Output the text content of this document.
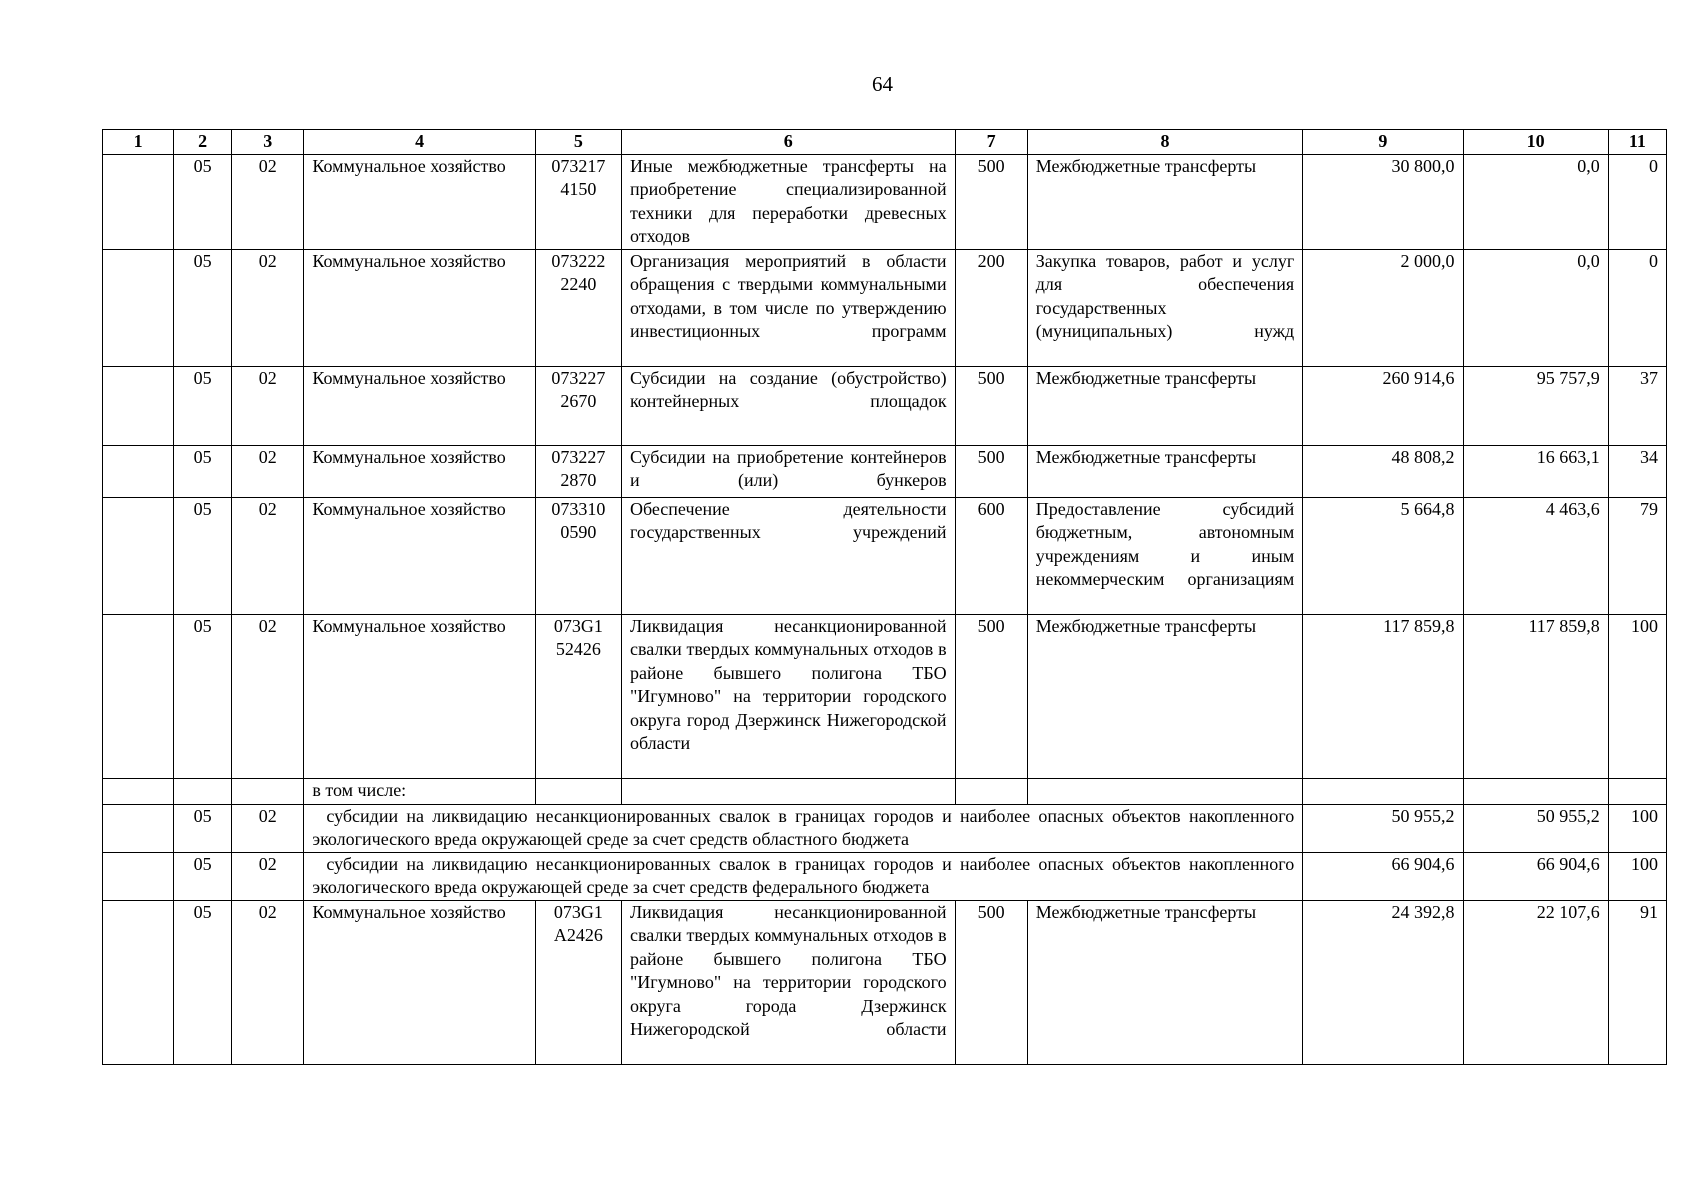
64
1	2	3	4	5	6	7	8	9	10	11
	05	02	Коммунальное хозяйство	073217 4150	Иные межбюджетные трансферты на приобретение специализированной техники для переработки древесных отходов	500	Межбюджетные трансферты	30 800,0	0,0	0
	05	02	Коммунальное хозяйство	073222 2240	Организация мероприятий в области обращения с твердыми коммунальными отходами, в том числе по утверждению инвестиционных программ	200	Закупка товаров, работ и услуг для обеспечения государственных (муниципальных) нужд	2 000,0	0,0	0
	05	02	Коммунальное хозяйство	073227 2670	Субсидии на создание (обустройство) контейнерных площадок	500	Межбюджетные трансферты	260 914,6	95 757,9	37
	05	02	Коммунальное хозяйство	073227 2870	Субсидии на приобретение контейнеров и (или) бункеров	500	Межбюджетные трансферты	48 808,2	16 663,1	34
	05	02	Коммунальное хозяйство	073310 0590	Обеспечение деятельности государственных учреждений	600	Предоставление субсидий бюджетным, автономным учреждениям и иным некоммерческим организациям	5 664,8	4 463,6	79
	05	02	Коммунальное хозяйство	073G1 52426	Ликвидация несанкционированной свалки твердых коммунальных отходов в районе бывшего полигона ТБО "Игумново" на территории городского округа город Дзержинск Нижегородской области	500	Межбюджетные трансферты	117 859,8	117 859,8	100
			в том числе:							
	05	02	субсидии на ликвидацию несанкционированных свалок в границах городов и наиболее опасных объектов накопленного экологического вреда окружающей среде за счет средств областного бюджета					50 955,2	50 955,2	100
	05	02	субсидии на ликвидацию несанкционированных свалок в границах городов и наиболее опасных объектов накопленного экологического вреда окружающей среде за счет средств федерального бюджета					66 904,6	66 904,6	100
	05	02	Коммунальное хозяйство	073G1 А2426	Ликвидация несанкционированной свалки твердых коммунальных отходов в районе бывшего полигона ТБО "Игумново" на территории городского округа города Дзержинск Нижегородской области	500	Межбюджетные трансферты	24 392,8	22 107,6	91
